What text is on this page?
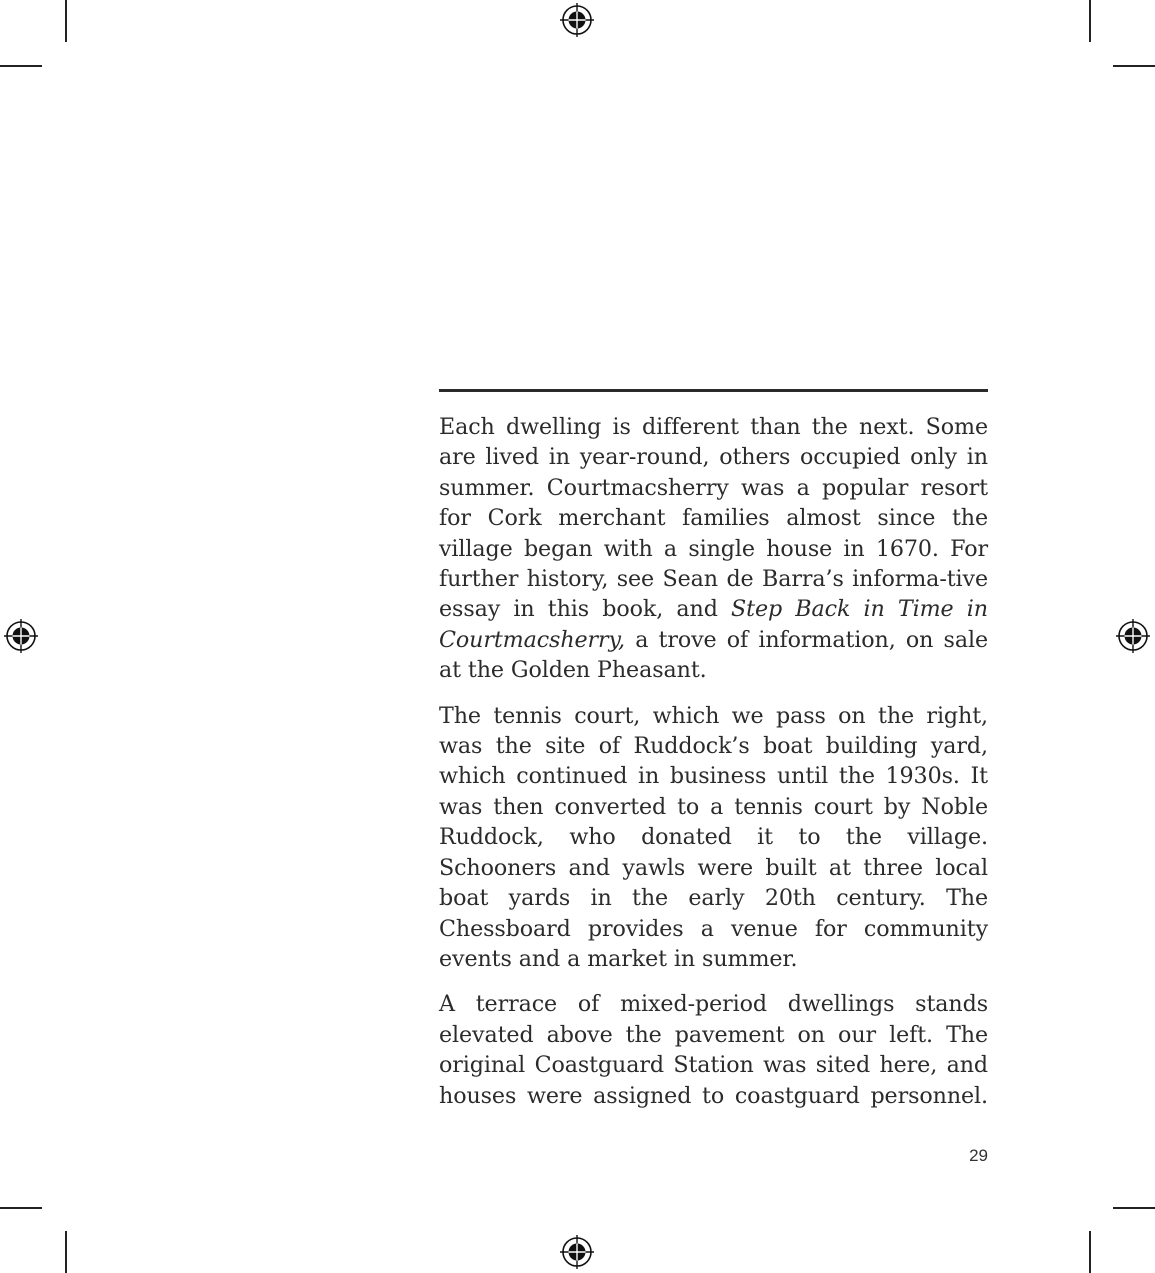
Each dwelling is different than the next. Some are lived in year-round, others occupied only in summer. Courtmacsherry was a popular resort for Cork merchant families almost since the village began with a single house in 1670. For further history, see Sean de Barra’s informa-tive essay in this book, and Step Back in Time in Courtmacsherry, a trove of information, on sale at the Golden Pheasant.

The tennis court, which we pass on the right, was the site of Ruddock’s boat building yard, which continued in business until the 1930s. It was then converted to a tennis court by Noble Ruddock, who donated it to the village. Schooners and yawls were built at three local boat yards in the early 20th century. The Chessboard provides a venue for community events and a market in summer.

A terrace of mixed-period dwellings stands elevated above the pavement on our left. The original Coastguard Station was sited here, and houses were assigned to coastguard personnel.

29
